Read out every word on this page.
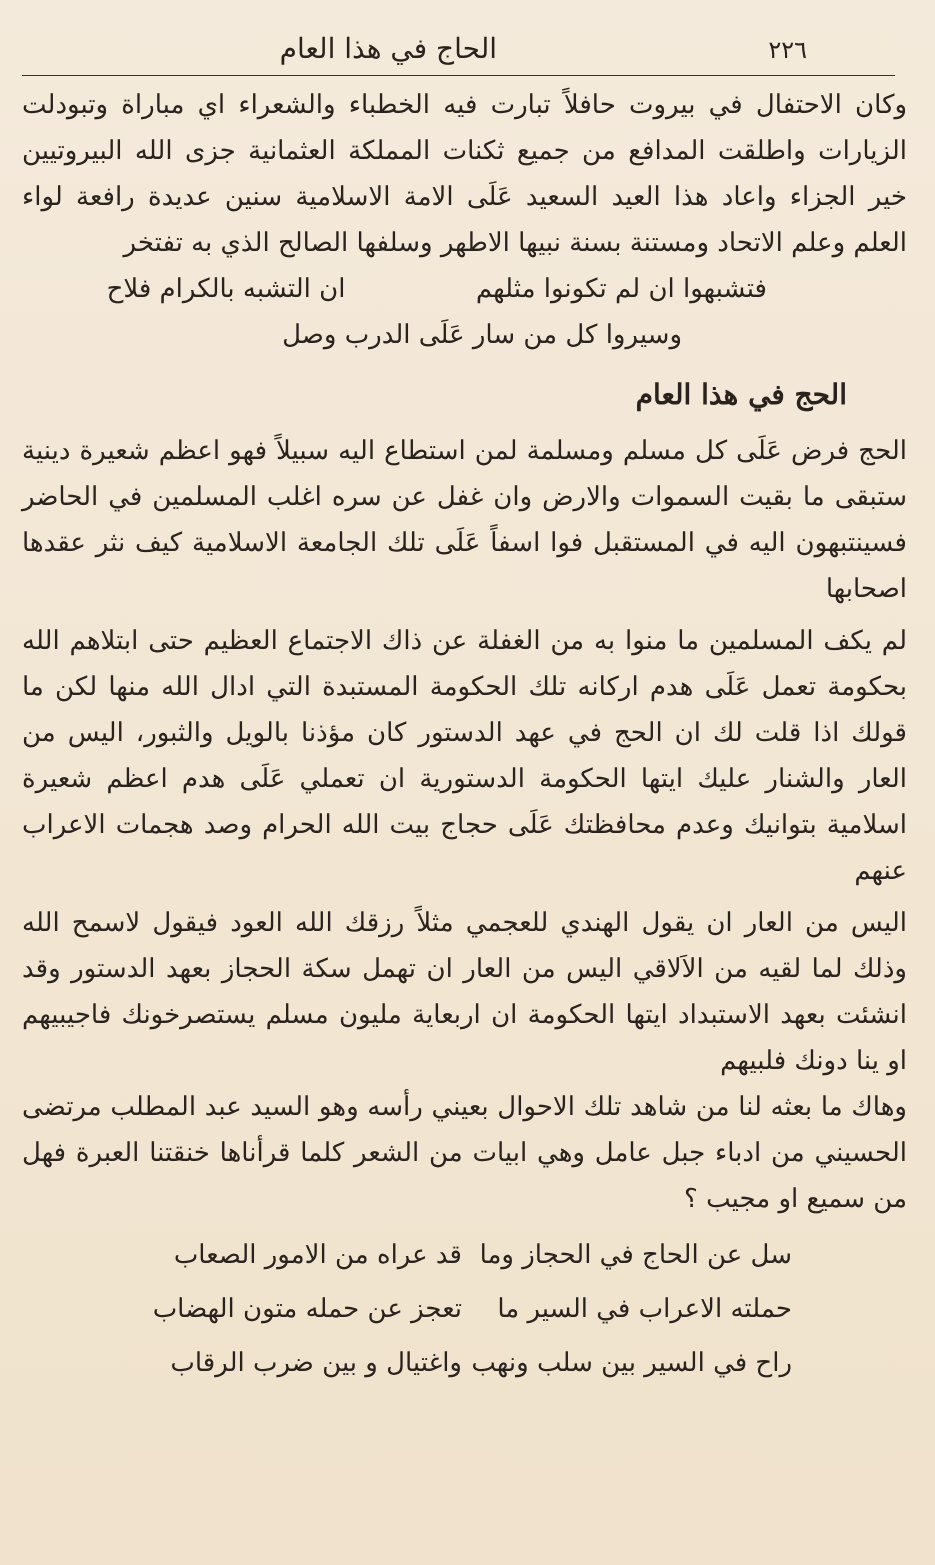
٢٢٦
الحاج في هذا العام

وكان الاحتفال في بيروت حافلاً تبارت فيه الخطباء والشعراء اي مباراة وتبودلت الزيارات واطلقت المدافع من جميع ثكنات المملكة العثمانية جزى الله البيروتيين خير الجزاء واعاد هذا العيد السعيد عَلَى الامة الاسلامية سنين عديدة رافعة لواء العلم وعلم الاتحاد ومستنة بسنة نبيها الاطهر وسلفها الصالح الذي به تفتخر

فتشبهوا ان لم تكونوا مثلهم
ان التشبه بالكرام فلاح
وسيروا كل من سار عَلَى الدرب وصل
الحج في هذا العام

الحج فرض عَلَى كل مسلم ومسلمة لمن استطاع اليه سبيلاً فهو اعظم شعيرة دينية ستبقى ما بقيت السموات والارض وان غفل عن سره اغلب المسلمين في الحاضر فسينتبهون اليه في المستقبل فوا اسفاً عَلَى تلك الجامعة الاسلامية كيف نثر عقدها اصحابها

لم يكف المسلمين ما منوا به من الغفلة عن ذاك الاجتماع العظيم حتى ابتلاهم الله بحكومة تعمل عَلَى هدم اركانه تلك الحكومة المستبدة التي ادال الله منها لكن ما قولك اذا قلت لك ان الحج في عهد الدستور كان مؤذنا بالويل والثبور، اليس من العار والشنار عليك ايتها الحكومة الدستورية ان تعملي عَلَى هدم اعظم شعيرة اسلامية بتوانيك وعدم محافظتك عَلَى حجاج بيت الله الحرام وصد هجمات الاعراب عنهم

اليس من العار ان يقول الهندي للعجمي مثلاً رزقك الله العود فيقول لاسمح الله وذلك لما لقيه من الاَلاقي اليس من العار ان تهمل سكة الحجاز بعهد الدستور وقد انشئت بعهد الاستبداد ايتها الحكومة ان اربعاية مليون مسلم يستصرخونك فاجيبيهم او ينا دونك فلبيهم

وهاك ما بعثه لنا من شاهد تلك الاحوال بعيني رأسه وهو السيد عبد المطلب مرتضى الحسيني من ادباء جبل عامل وهي ابيات من الشعر كلما قرأناها خنقتنا العبرة فهل من سميع او مجيب ؟

سل عن الحاج في الحجاز وما
قد عراه من الامور الصعاب
حملته الاعراب في السير ما
تعجز عن حمله متون الهضاب
راح في السير بين سلب ونهب
واغتيال و بين ضرب الرقاب
